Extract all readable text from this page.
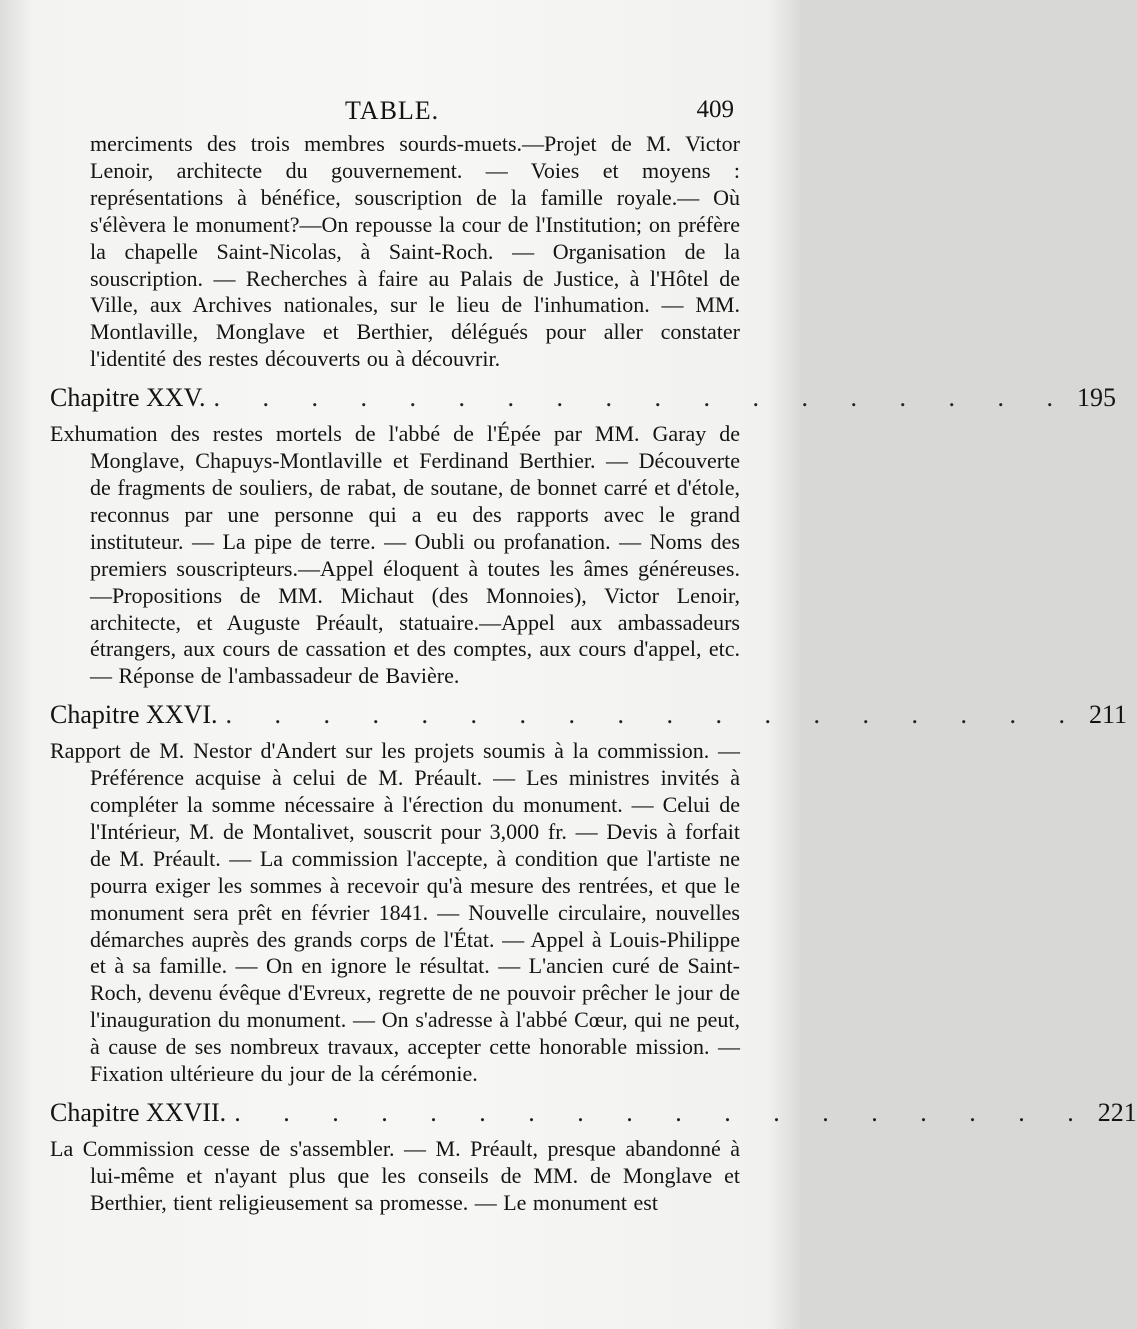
TABLE.	409

merciments des trois membres sourds-muets.—Projet de M. Victor Lenoir, architecte du gouvernement. — Voies et moyens : représentations à bénéfice, souscription de la famille royale.— Où s'élèvera le monument?—On repousse la cour de l'Institution; on préfère la chapelle Saint-Nicolas, à Saint-Roch. — Organisation de la souscription. — Recherches à faire au Palais de Justice, à l'Hôtel de Ville, aux Archives nationales, sur le lieu de l'inhumation. — MM. Montlaville, Monglave et Berthier, délégués pour aller constater l'identité des restes découverts ou à découvrir.

Chapitre XXV. . . . . . . . . . . . . . . . . . . 195

Exhumation des restes mortels de l'abbé de l'Épée par MM. Garay de Monglave, Chapuys-Montlaville et Ferdinand Berthier. — Découverte de fragments de souliers, de rabat, de soutane, de bonnet carré et d'étole, reconnus par une personne qui a eu des rapports avec le grand instituteur. — La pipe de terre. — Oubli ou profanation. — Noms des premiers souscripteurs.—Appel éloquent à toutes les âmes généreuses.—Propositions de MM. Michaut (des Monnoies), Victor Lenoir, architecte, et Auguste Préault, statuaire.—Appel aux ambassadeurs étrangers, aux cours de cassation et des comptes, aux cours d'appel, etc. — Réponse de l'ambassadeur de Bavière.

Chapitre XXVI. . . . . . . . . . . . . . . . . . . 211

Rapport de M. Nestor d'Andert sur les projets soumis à la commission. — Préférence acquise à celui de M. Préault. — Les ministres invités à compléter la somme nécessaire à l'érection du monument. — Celui de l'Intérieur, M. de Montalivet, souscrit pour 3,000 fr. — Devis à forfait de M. Préault. — La commission l'accepte, à condition que l'artiste ne pourra exiger les sommes à recevoir qu'à mesure des rentrées, et que le monument sera prêt en février 1841. — Nouvelle circulaire, nouvelles démarches auprès des grands corps de l'État. — Appel à Louis-Philippe et à sa famille. — On en ignore le résultat. — L'ancien curé de Saint-Roch, devenu évêque d'Evreux, regrette de ne pouvoir prêcher le jour de l'inauguration du monument. — On s'adresse à l'abbé Cœur, qui ne peut, à cause de ses nombreux travaux, accepter cette honorable mission. — Fixation ultérieure du jour de la cérémonie.

Chapitre XXVII. . . . . . . . . . . . . . . . . . . 221

La Commission cesse de s'assembler. — M. Préault, presque abandonné à lui-même et n'ayant plus que les conseils de MM. de Monglave et Berthier, tient religieusement sa promesse. — Le monument est
